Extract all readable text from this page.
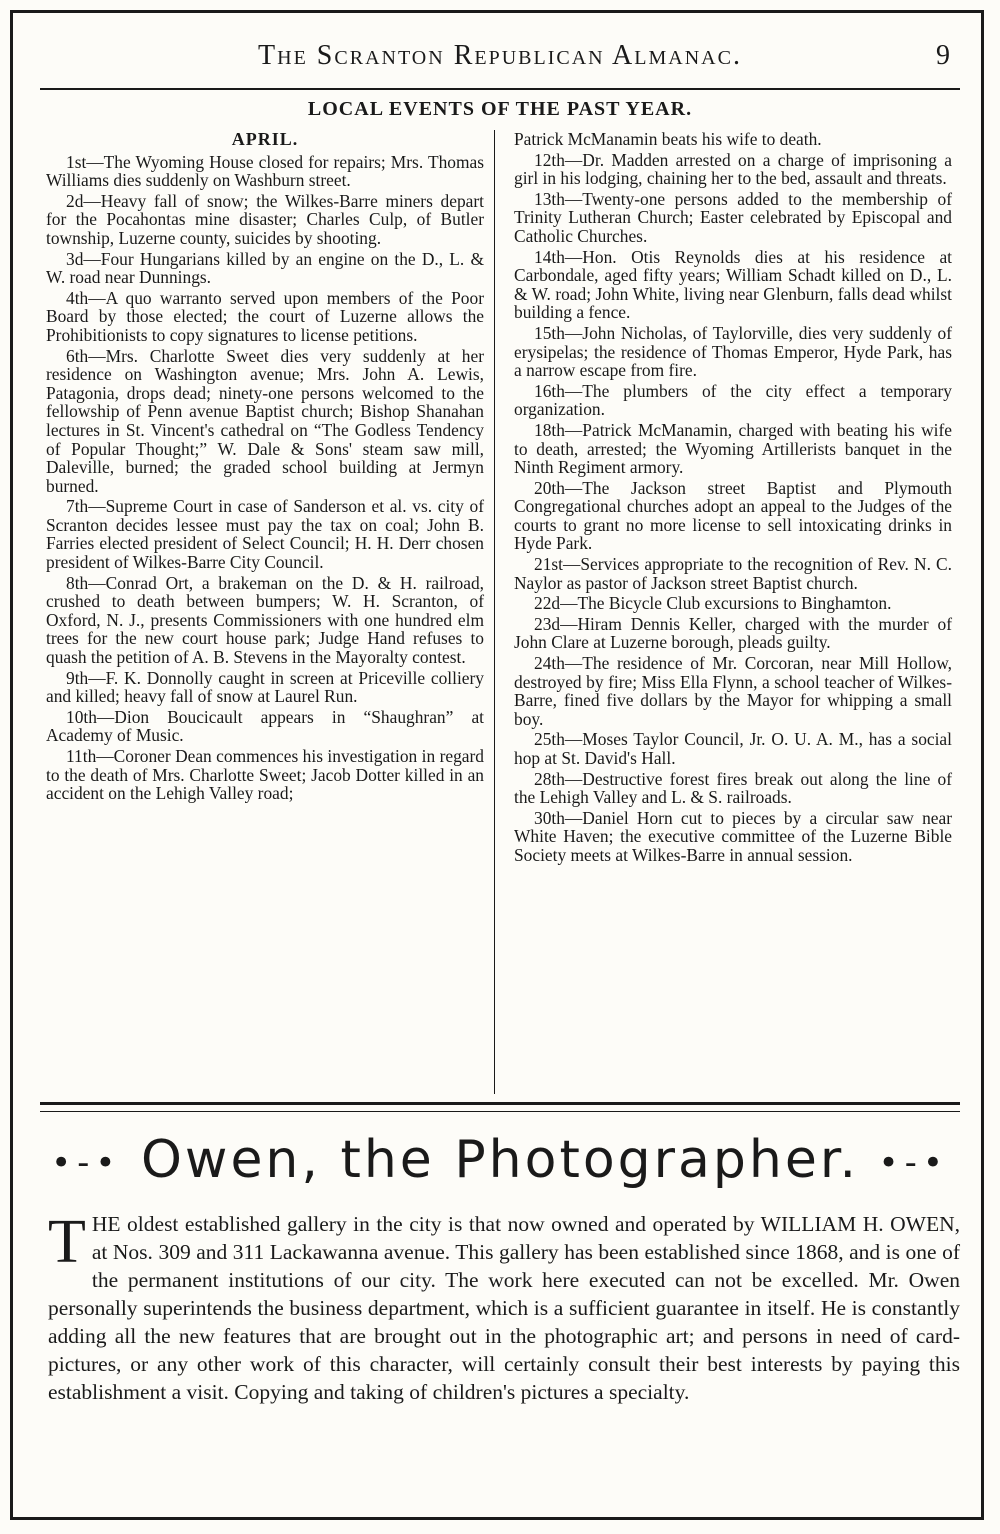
The Scranton Republican Almanac.	9
LOCAL EVENTS OF THE PAST YEAR.
APRIL.

1st—The Wyoming House closed for repairs; Mrs. Thomas Williams dies suddenly on Washburn street.

2d—Heavy fall of snow; the Wilkes-Barre miners depart for the Pocahontas mine disaster; Charles Culp, of Butler township, Luzerne county, suicides by shooting.

3d—Four Hungarians killed by an engine on the D., L. & W. road near Dunnings.

4th—A quo warranto served upon members of the Poor Board by those elected; the court of Luzerne allows the Prohibitionists to copy signatures to license petitions.

6th—Mrs. Charlotte Sweet dies very suddenly at her residence on Washington avenue; Mrs. John A. Lewis, Patagonia, drops dead; ninety-one persons welcomed to the fellowship of Penn avenue Baptist church; Bishop Shanahan lectures in St. Vincent's cathedral on “The Godless Tendency of Popular Thought;” W. Dale & Sons' steam saw mill, Daleville, burned; the graded school building at Jermyn burned.

7th—Supreme Court in case of Sanderson et al. vs. city of Scranton decides lessee must pay the tax on coal; John B. Farries elected president of Select Council; H. H. Derr chosen president of Wilkes-Barre City Council.

8th—Conrad Ort, a brakeman on the D. & H. railroad, crushed to death between bumpers; W. H. Scranton, of Oxford, N. J., presents Commissioners with one hundred elm trees for the new court house park; Judge Hand refuses to quash the petition of A. B. Stevens in the Mayoralty contest.

9th—F. K. Donnolly caught in screen at Priceville colliery and killed; heavy fall of snow at Laurel Run.

10th—Dion Boucicault appears in “Shaughran” at Academy of Music.

11th—Coroner Dean commences his investigation in regard to the death of Mrs. Charlotte Sweet; Jacob Dotter killed in an accident on the Lehigh Valley road;

Patrick McManamin beats his wife to death.

12th—Dr. Madden arrested on a charge of imprisoning a girl in his lodging, chaining her to the bed, assault and threats.

13th—Twenty-one persons added to the membership of Trinity Lutheran Church; Easter celebrated by Episcopal and Catholic Churches.

14th—Hon. Otis Reynolds dies at his residence at Carbondale, aged fifty years; William Schadt killed on D., L. & W. road; John White, living near Glenburn, falls dead whilst building a fence.

15th—John Nicholas, of Taylorville, dies very suddenly of erysipelas; the residence of Thomas Emperor, Hyde Park, has a narrow escape from fire.

16th—The plumbers of the city effect a temporary organization.

18th—Patrick McManamin, charged with beating his wife to death, arrested; the Wyoming Artillerists banquet in the Ninth Regiment armory.

20th—The Jackson street Baptist and Plymouth Congregational churches adopt an appeal to the Judges of the courts to grant no more license to sell intoxicating drinks in Hyde Park.

21st—Services appropriate to the recognition of Rev. N. C. Naylor as pastor of Jackson street Baptist church.

22d—The Bicycle Club excursions to Binghamton.

23d—Hiram Dennis Keller, charged with the murder of John Clare at Luzerne borough, pleads guilty.

24th—The residence of Mr. Corcoran, near Mill Hollow, destroyed by fire; Miss Ella Flynn, a school teacher of Wilkes-Barre, fined five dollars by the Mayor for whipping a small boy.

25th—Moses Taylor Council, Jr. O. U. A. M., has a social hop at St. David's Hall.

28th—Destructive forest fires break out along the line of the Lehigh Valley and L. & S. railroads.

30th—Daniel Horn cut to pieces by a circular saw near White Haven; the executive committee of the Luzerne Bible Society meets at Wilkes-Barre in annual session.

•-• Owen, the Photographer. •-•
T HE oldest established gallery in the city is that now owned and operated by WILLIAM H. OWEN, at Nos. 309 and 311 Lackawanna avenue. This gallery has been established since 1868, and is one of the permanent institutions of our city. The work here executed can not be excelled. Mr. Owen personally superintends the business department, which is a sufficient guarantee in itself. He is constantly adding all the new features that are brought out in the photographic art; and persons in need of card-pictures, or any other work of this character, will certainly consult their best interests by paying this establishment a visit. Copying and taking of children's pictures a specialty.
